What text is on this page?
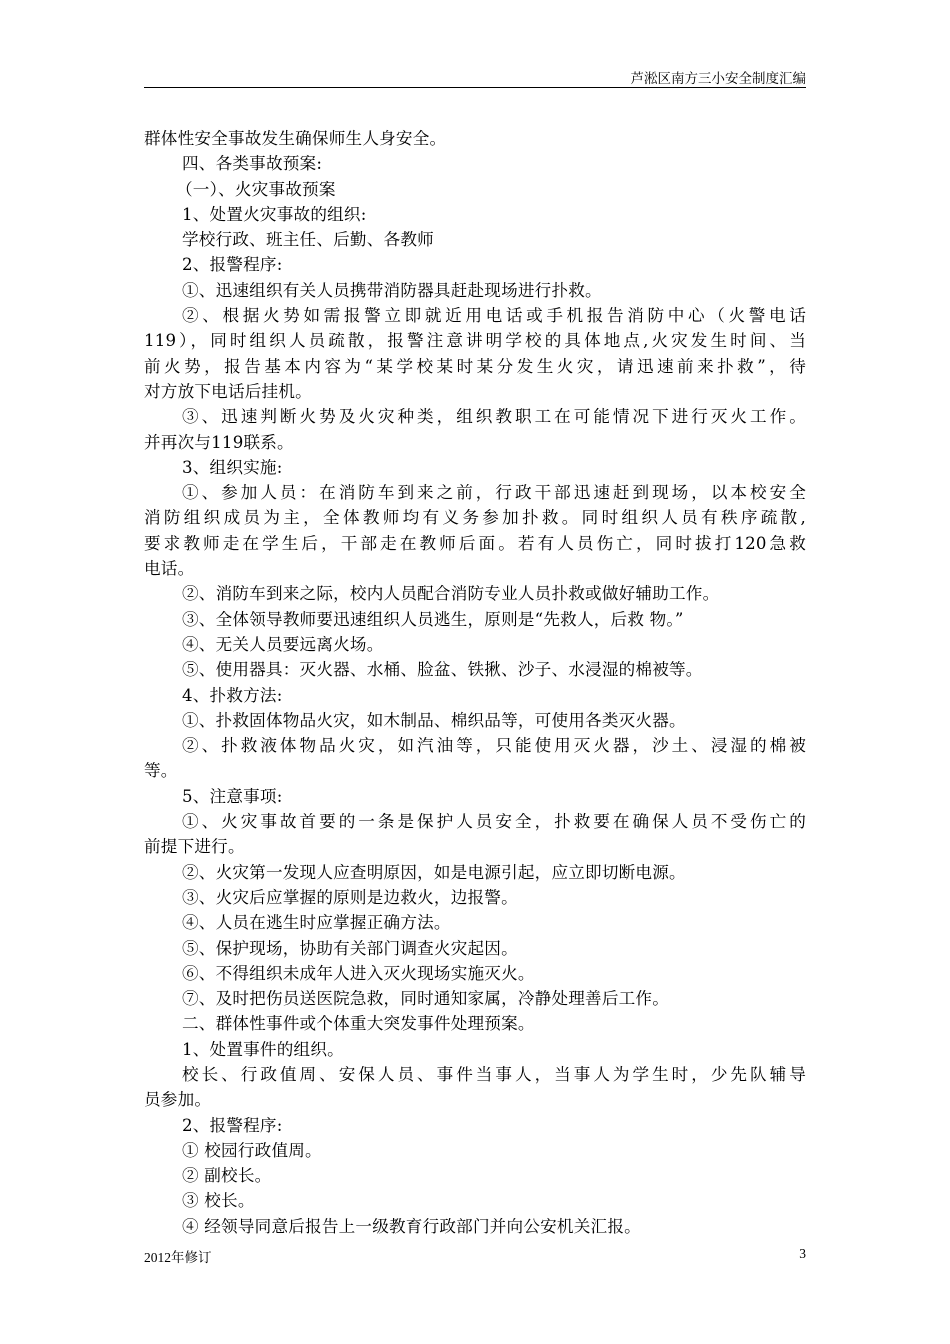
芦淞区南方三小安全制度汇编
群体性安全事故发生确保师生人身安全。
四、各类事故预案:
（一）、火灾事故预案
1、处置火灾事故的组织:
学校行政、班主任、后勤、各教师
2、报警程序:
①、迅速组织有关人员携带消防器具赶赴现场进行扑救。
②、根据火势如需报警立即就近用电话或手机报告消防中心（火警电话
119），同时组织人员疏散，报警注意讲明学校的具体地点,火灾发生时间、当
前火势，报告基本内容为“某学校某时某分发生火灾，请迅速前来扑救”，待
对方放下电话后挂机。
③、迅速判断火势及火灾种类，组织教职工在可能情况下进行灭火工作。
并再次与119联系。
3、组织实施:
①、参加人员：在消防车到来之前，行政干部迅速赶到现场，以本校安全
消防组织成员为主，全体教师均有义务参加扑救。同时组织人员有秩序疏散,
要求教师走在学生后，干部走在教师后面。若有人员伤亡，同时拔打120急救
电话。
②、消防车到来之际，校内人员配合消防专业人员扑救或做好辅助工作。
③、全体领导教师要迅速组织人员逃生，原则是“先救人，后救 物。”
④、无关人员要远离火场。
⑤、使用器具：灭火器、水桶、脸盆、铁揪、沙子、水浸湿的棉被等。
4、扑救方法:
①、扑救固体物品火灾，如木制品、棉织品等，可使用各类灭火器。
②、扑救液体物品火灾，如汽油等，只能使用灭火器，沙土、浸湿的棉被
等。
5、注意事项:
①、火灾事故首要的一条是保护人员安全，扑救要在确保人员不受伤亡的
前提下进行。
②、火灾第一发现人应查明原因，如是电源引起，应立即切断电源。
③、火灾后应掌握的原则是边救火，边报警。
④、人员在逃生时应掌握正确方法。
⑤、保护现场，协助有关部门调查火灾起因。
⑥、不得组织未成年人进入灭火现场实施灭火。
⑦、及时把伤员送医院急救，同时通知家属，冷静处理善后工作。
二、群体性事件或个体重大突发事件处理预案。
1、处置事件的组织。
校长、行政值周、安保人员、事件当事人，当事人为学生时，少先队辅导
员参加。
2、报警程序:
① 校园行政值周。
② 副校长。
③ 校长。
④ 经领导同意后报告上一级教育行政部门并向公安机关汇报。
2012年修订	3
